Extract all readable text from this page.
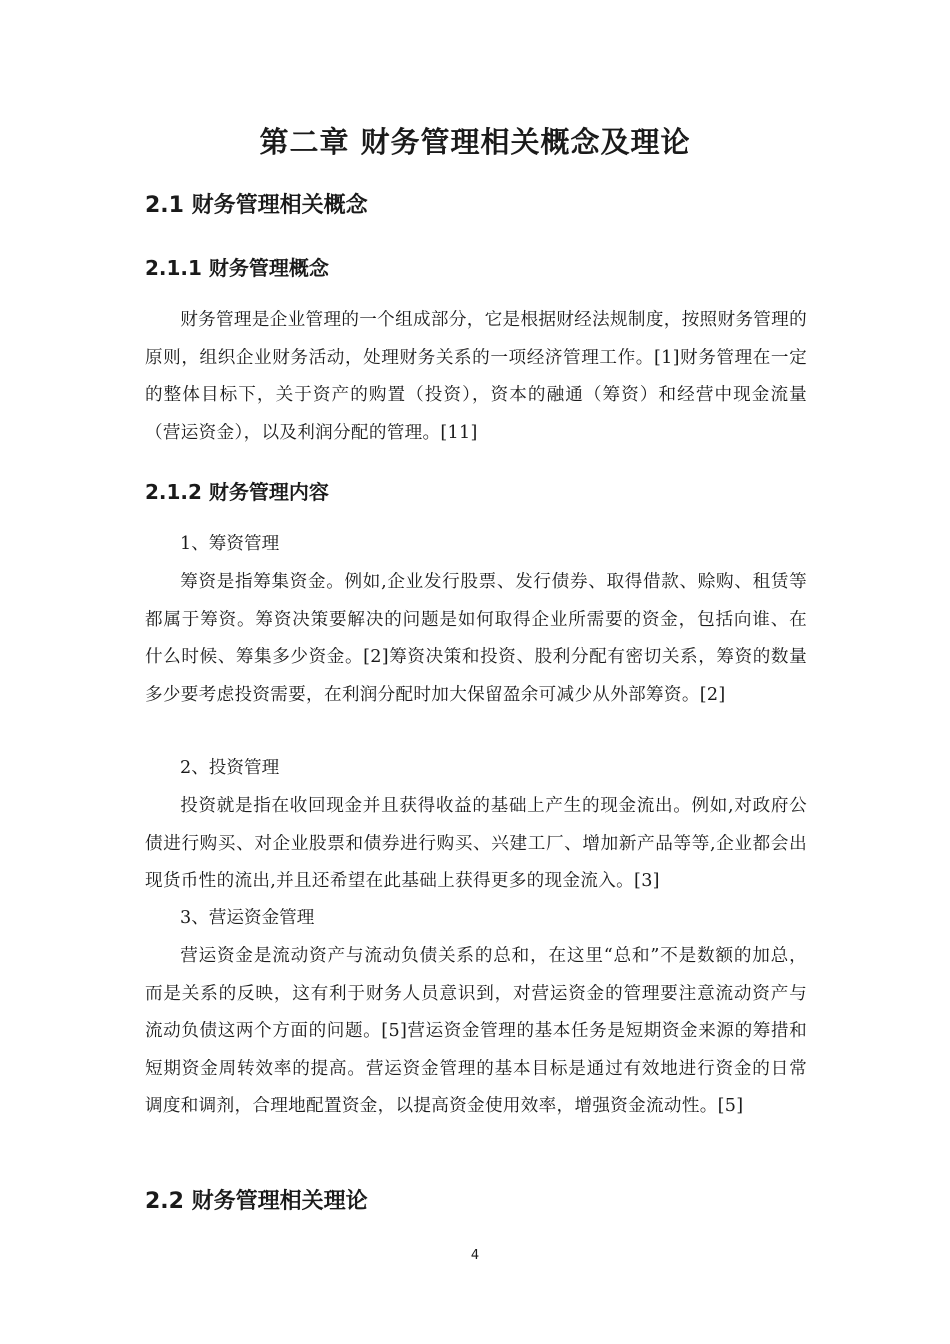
第二章 财务管理相关概念及理论
2.1 财务管理相关概念
2.1.1 财务管理概念

财务管理是企业管理的一个组成部分，它是根据财经法规制度，按照财务管理的原则，组织企业财务活动，处理财务关系的一项经济管理工作。[1]财务管理在一定的整体目标下，关于资产的购置（投资），资本的融通（筹资）和经营中现金流量（营运资金），以及利润分配的管理。[11]

2.1.2 财务管理内容

1、筹资管理

筹资是指筹集资金。例如,企业发行股票、发行债券、取得借款、赊购、租赁等都属于筹资。筹资决策要解决的问题是如何取得企业所需要的资金，包括向谁、在什么时候、筹集多少资金。[2]筹资决策和投资、股利分配有密切关系，筹资的数量多少要考虑投资需要，在利润分配时加大保留盈余可减少从外部筹资。[2]

2、投资管理

投资就是指在收回现金并且获得收益的基础上产生的现金流出。例如,对政府公债进行购买、对企业股票和债券进行购买、兴建工厂、增加新产品等等,企业都会出现货币性的流出,并且还希望在此基础上获得更多的现金流入。[3]

3、营运资金管理

营运资金是流动资产与流动负债关系的总和，在这里“总和”不是数额的加总，而是关系的反映，这有利于财务人员意识到，对营运资金的管理要注意流动资产与流动负债这两个方面的问题。[5]营运资金管理的基本任务是短期资金来源的筹措和短期资金周转效率的提高。营运资金管理的基本目标是通过有效地进行资金的日常调度和调剂，合理地配置资金，以提高资金使用效率，增强资金流动性。[5]

2.2 财务管理相关理论
4
